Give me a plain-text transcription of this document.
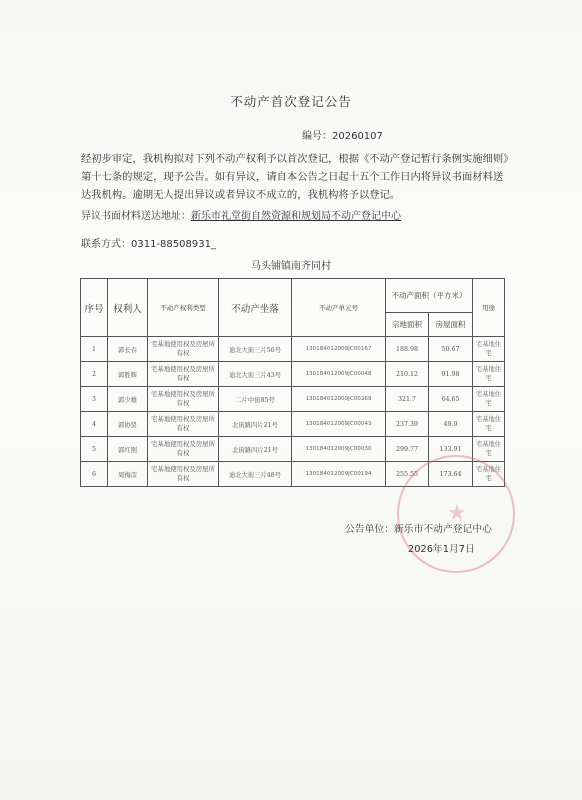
不动产首次登记公告
编号：20260107
经初步审定，我机构拟对下列不动产权利予以首次登记，根据《不动产登记暂行条例实施细则》第十七条的规定，现予公告。如有异议，请自本公告之日起十五个工作日内将异议书面材料送达我机构。逾期无人提出异议或者异议不成立的，我机构将予以登记。
异议书面材料送达地址：新乐市礼堂街自然资源和规划局不动产登记中心
联系方式：0311-88508931_
马头铺镇南齐同村
序号	权利人	不动产权利类型	不动产坐落	不动产单元号	不动产面积（平方米）		用途
					宗地面积	房屋面积	
1	郭长春	宅基地使用权及房屋所有权	迪北大街三片56号	130184012009JC00167	188.98	50.67	宅基地住宅
2	郭胜辉	宅基地使用权及房屋所有权	迪北大街三片43号	130184012009JC00048	210.12	91.98	宅基地住宅
3	郭少雄	宅基地使用权及房屋所有权	二片中街85号	130184012009JC00269	321.7	64.65	宅基地住宅
4	郭协贤	宅基地使用权及房屋所有权	北街路四片21号	130184012009JC00043	237.39	49.9	宅基地住宅
5	郭红刚	宅基地使用权及房屋所有权	北街路四片21号	130184012009JC00030	299.77	133.91	宅基地住宅
6	周梅彦	宅基地使用权及房屋所有权	迪北大街三片48号	130184012009JC00194	255.55	173.64	宅基地住宅
★
公告单位：新乐市不动产登记中心
2026年1月7日
